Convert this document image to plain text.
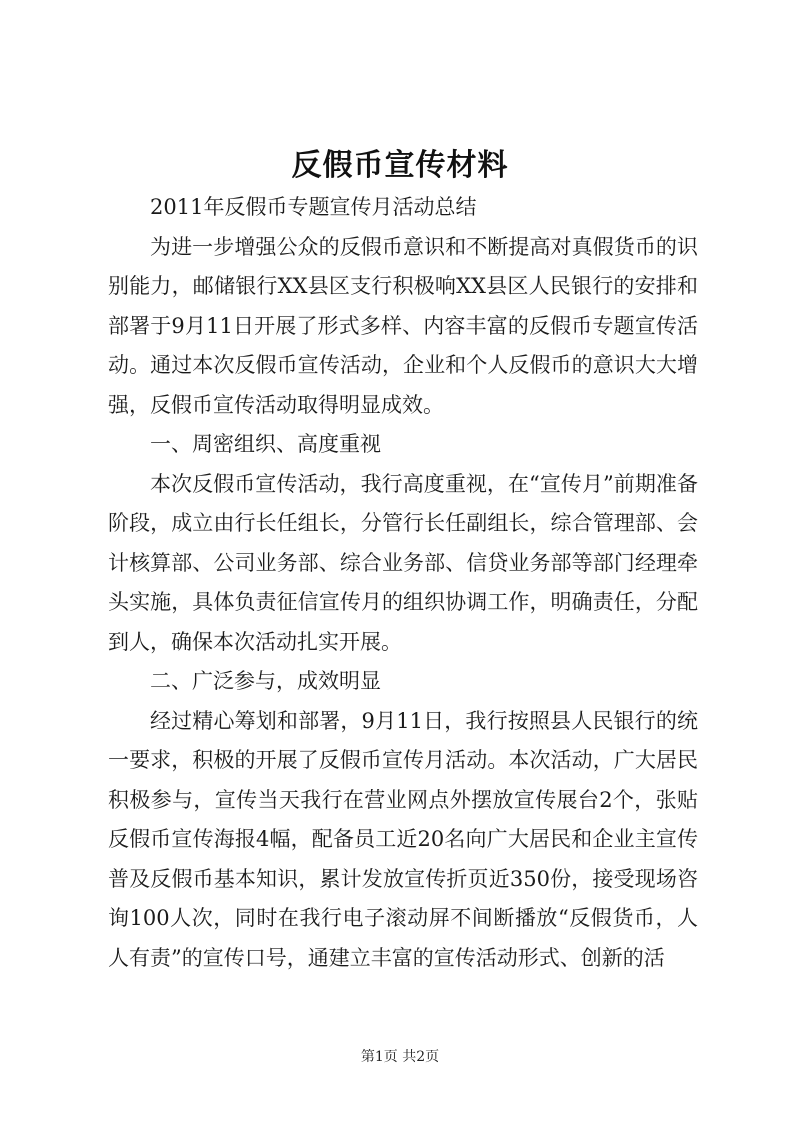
反假币宣传材料

2011年反假币专题宣传月活动总结

为进一步增强公众的反假币意识和不断提高对真假货币的识别能力，邮储银行XX县区支行积极响XX县区人民银行的安排和部署于9月11日开展了形式多样、内容丰富的反假币专题宣传活动。通过本次反假币宣传活动，企业和个人反假币的意识大大增强，反假币宣传活动取得明显成效。

一、周密组织、高度重视

本次反假币宣传活动，我行高度重视，在“宣传月”前期准备阶段，成立由行长任组长，分管行长任副组长，综合管理部、会计核算部、公司业务部、综合业务部、信贷业务部等部门经理牵头实施，具体负责征信宣传月的组织协调工作，明确责任，分配到人，确保本次活动扎实开展。

二、广泛参与，成效明显

经过精心筹划和部署，9月11日，我行按照县人民银行的统一要求，积极的开展了反假币宣传月活动。本次活动，广大居民积极参与，宣传当天我行在营业网点外摆放宣传展台2个，张贴反假币宣传海报4幅，配备员工近20名向广大居民和企业主宣传普及反假币基本知识，累计发放宣传折页近350份，接受现场咨询100人次，同时在我行电子滚动屏不间断播放“反假货币，人人有责”的宣传口号，通建立丰富的宣传活动形式、创新的活

第1页 共2页
